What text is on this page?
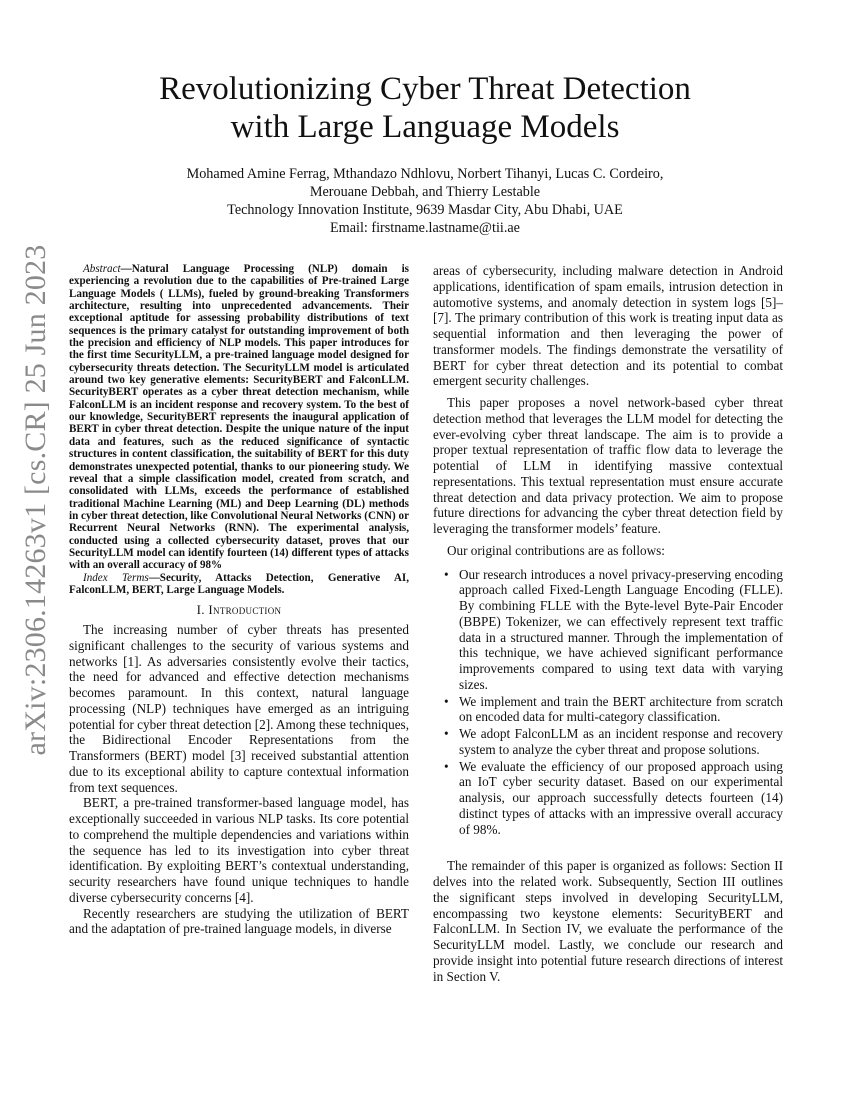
arXiv:2306.14263v1 [cs.CR] 25 Jun 2023
Revolutionizing Cyber Threat Detection
with Large Language Models
Mohamed Amine Ferrag, Mthandazo Ndhlovu, Norbert Tihanyi, Lucas C. Cordeiro,
Merouane Debbah, and Thierry Lestable
Technology Innovation Institute, 9639 Masdar City, Abu Dhabi, UAE
Email: firstname.lastname@tii.ae

Abstract—Natural Language Processing (NLP) domain is experiencing a revolution due to the capabilities of Pre-trained Large Language Models ( LLMs), fueled by ground-breaking Transformers architecture, resulting into unprecedented advancements. Their exceptional aptitude for assessing probability distributions of text sequences is the primary catalyst for outstanding improvement of both the precision and efficiency of NLP models. This paper introduces for the first time SecurityLLM, a pre-trained language model designed for cybersecurity threats detection. The SecurityLLM model is articulated around two key generative elements: SecurityBERT and FalconLLM. SecurityBERT operates as a cyber threat detection mechanism, while FalconLLM is an incident response and recovery system. To the best of our knowledge, SecurityBERT represents the inaugural application of BERT in cyber threat detection. Despite the unique nature of the input data and features, such as the reduced significance of syntactic structures in content classification, the suitability of BERT for this duty demonstrates unexpected potential, thanks to our pioneering study. We reveal that a simple classification model, created from scratch, and consolidated with LLMs, exceeds the performance of established traditional Machine Learning (ML) and Deep Learning (DL) methods in cyber threat detection, like Convolutional Neural Networks (CNN) or Recurrent Neural Networks (RNN). The experimental analysis, conducted using a collected cybersecurity dataset, proves that our SecurityLLM model can identify fourteen (14) different types of attacks with an overall accuracy of 98%

Index Terms—Security, Attacks Detection, Generative AI, FalconLLM, BERT, Large Language Models.

I. Introduction

The increasing number of cyber threats has presented significant challenges to the security of various systems and networks [1]. As adversaries consistently evolve their tactics, the need for advanced and effective detection mechanisms becomes paramount. In this context, natural language processing (NLP) techniques have emerged as an intriguing potential for cyber threat detection [2]. Among these techniques, the Bidirectional Encoder Representations from the Transformers (BERT) model [3] received substantial attention due to its exceptional ability to capture contextual information from text sequences.

BERT, a pre-trained transformer-based language model, has exceptionally succeeded in various NLP tasks. Its core potential to comprehend the multiple dependencies and variations within the sequence has led to its investigation into cyber threat identification. By exploiting BERT’s contextual understanding, security researchers have found unique techniques to handle diverse cybersecurity concerns [4].

Recently researchers are studying the utilization of BERT and the adaptation of pre-trained language models, in diverse

areas of cybersecurity, including malware detection in Android applications, identification of spam emails, intrusion detection in automotive systems, and anomaly detection in system logs [5]–[7]. The primary contribution of this work is treating input data as sequential information and then leveraging the power of transformer models. The findings demonstrate the versatility of BERT for cyber threat detection and its potential to combat emergent security challenges.

This paper proposes a novel network-based cyber threat detection method that leverages the LLM model for detecting the ever-evolving cyber threat landscape. The aim is to provide a proper textual representation of traffic flow data to leverage the potential of LLM in identifying massive contextual representations. This textual representation must ensure accurate threat detection and data privacy protection. We aim to propose future directions for advancing the cyber threat detection field by leveraging the transformer models’ feature.

Our original contributions are as follows:

• Our research introduces a novel privacy-preserving encoding approach called Fixed-Length Language Encoding (FLLE). By combining FLLE with the Byte-level Byte-Pair Encoder (BBPE) Tokenizer, we can effectively represent text traffic data in a structured manner. Through the implementation of this technique, we have achieved significant performance improvements compared to using text data with varying sizes.
• We implement and train the BERT architecture from scratch on encoded data for multi-category classification.
• We adopt FalconLLM as an incident response and recovery system to analyze the cyber threat and propose solutions.
• We evaluate the efficiency of our proposed approach using an IoT cyber security dataset. Based on our experimental analysis, our approach successfully detects fourteen (14) distinct types of attacks with an impressive overall accuracy of 98%.

The remainder of this paper is organized as follows: Section II delves into the related work. Subsequently, Section III outlines the significant steps involved in developing SecurityLLM, encompassing two keystone elements: SecurityBERT and FalconLLM. In Section IV, we evaluate the performance of the SecurityLLM model. Lastly, we conclude our research and provide insight into potential future research directions of interest in Section V.
